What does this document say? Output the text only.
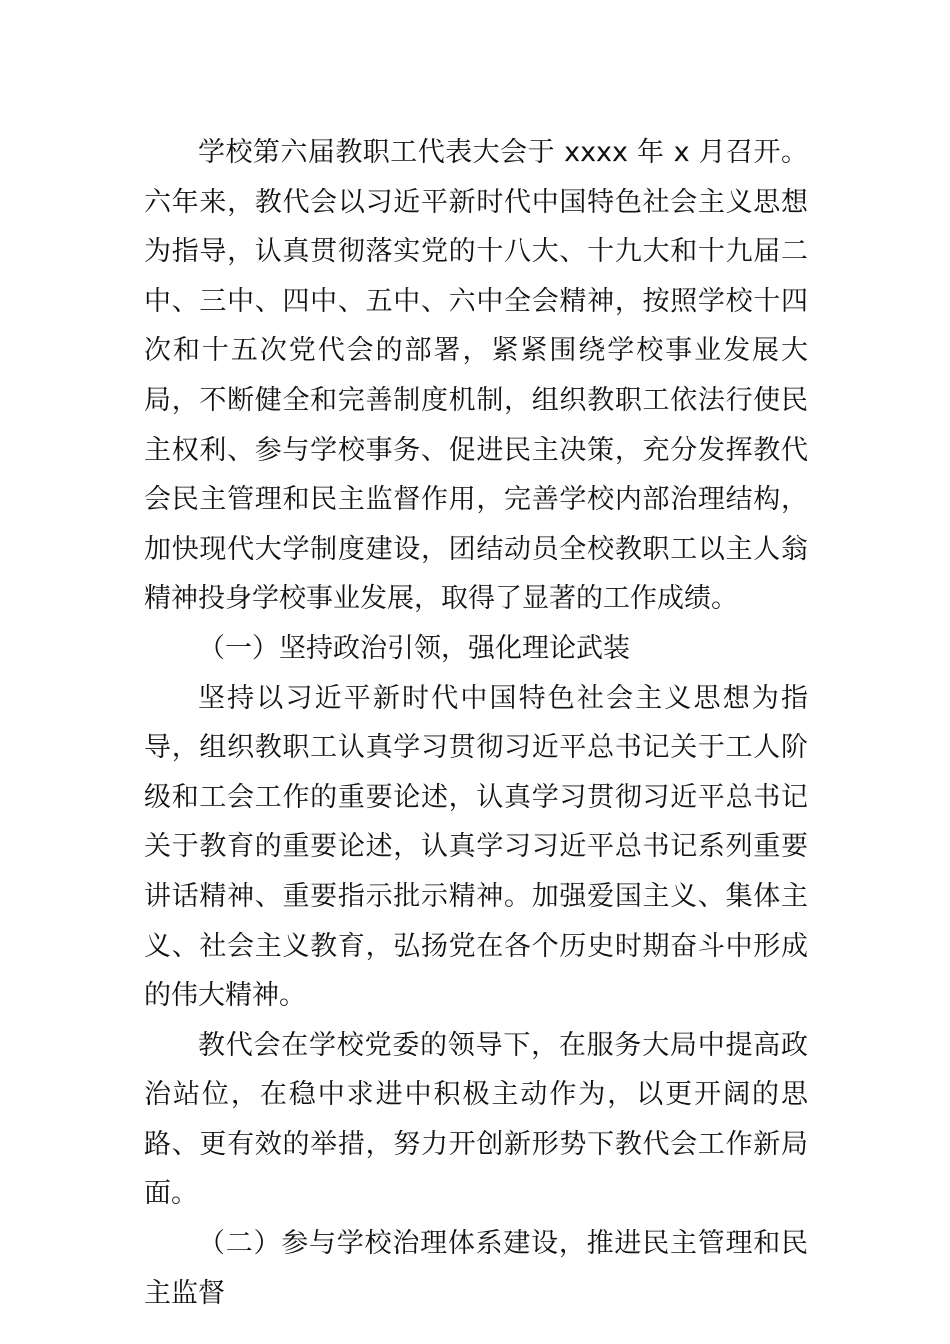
学校第六届教职工代表大会于 xxxx 年 x 月召开。六年来，教代会以习近平新时代中国特色社会主义思想为指导，认真贯彻落实党的十八大、十九大和十九届二中、三中、四中、五中、六中全会精神，按照学校十四次和十五次党代会的部署，紧紧围绕学校事业发展大局，不断健全和完善制度机制，组织教职工依法行使民主权利、参与学校事务、促进民主决策，充分发挥教代会民主管理和民主监督作用，完善学校内部治理结构，加快现代大学制度建设，团结动员全校教职工以主人翁精神投身学校事业发展，取得了显著的工作成绩。

（一）坚持政治引领，强化理论武装

坚持以习近平新时代中国特色社会主义思想为指导，组织教职工认真学习贯彻习近平总书记关于工人阶级和工会工作的重要论述，认真学习贯彻习近平总书记关于教育的重要论述，认真学习习近平总书记系列重要讲话精神、重要指示批示精神。加强爱国主义、集体主义、社会主义教育，弘扬党在各个历史时期奋斗中形成的伟大精神。

教代会在学校党委的领导下，在服务大局中提高政治站位，在稳中求进中积极主动作为，以更开阔的思路、更有效的举措，努力开创新形势下教代会工作新局面。

（二）参与学校治理体系建设，推进民主管理和民主监督
